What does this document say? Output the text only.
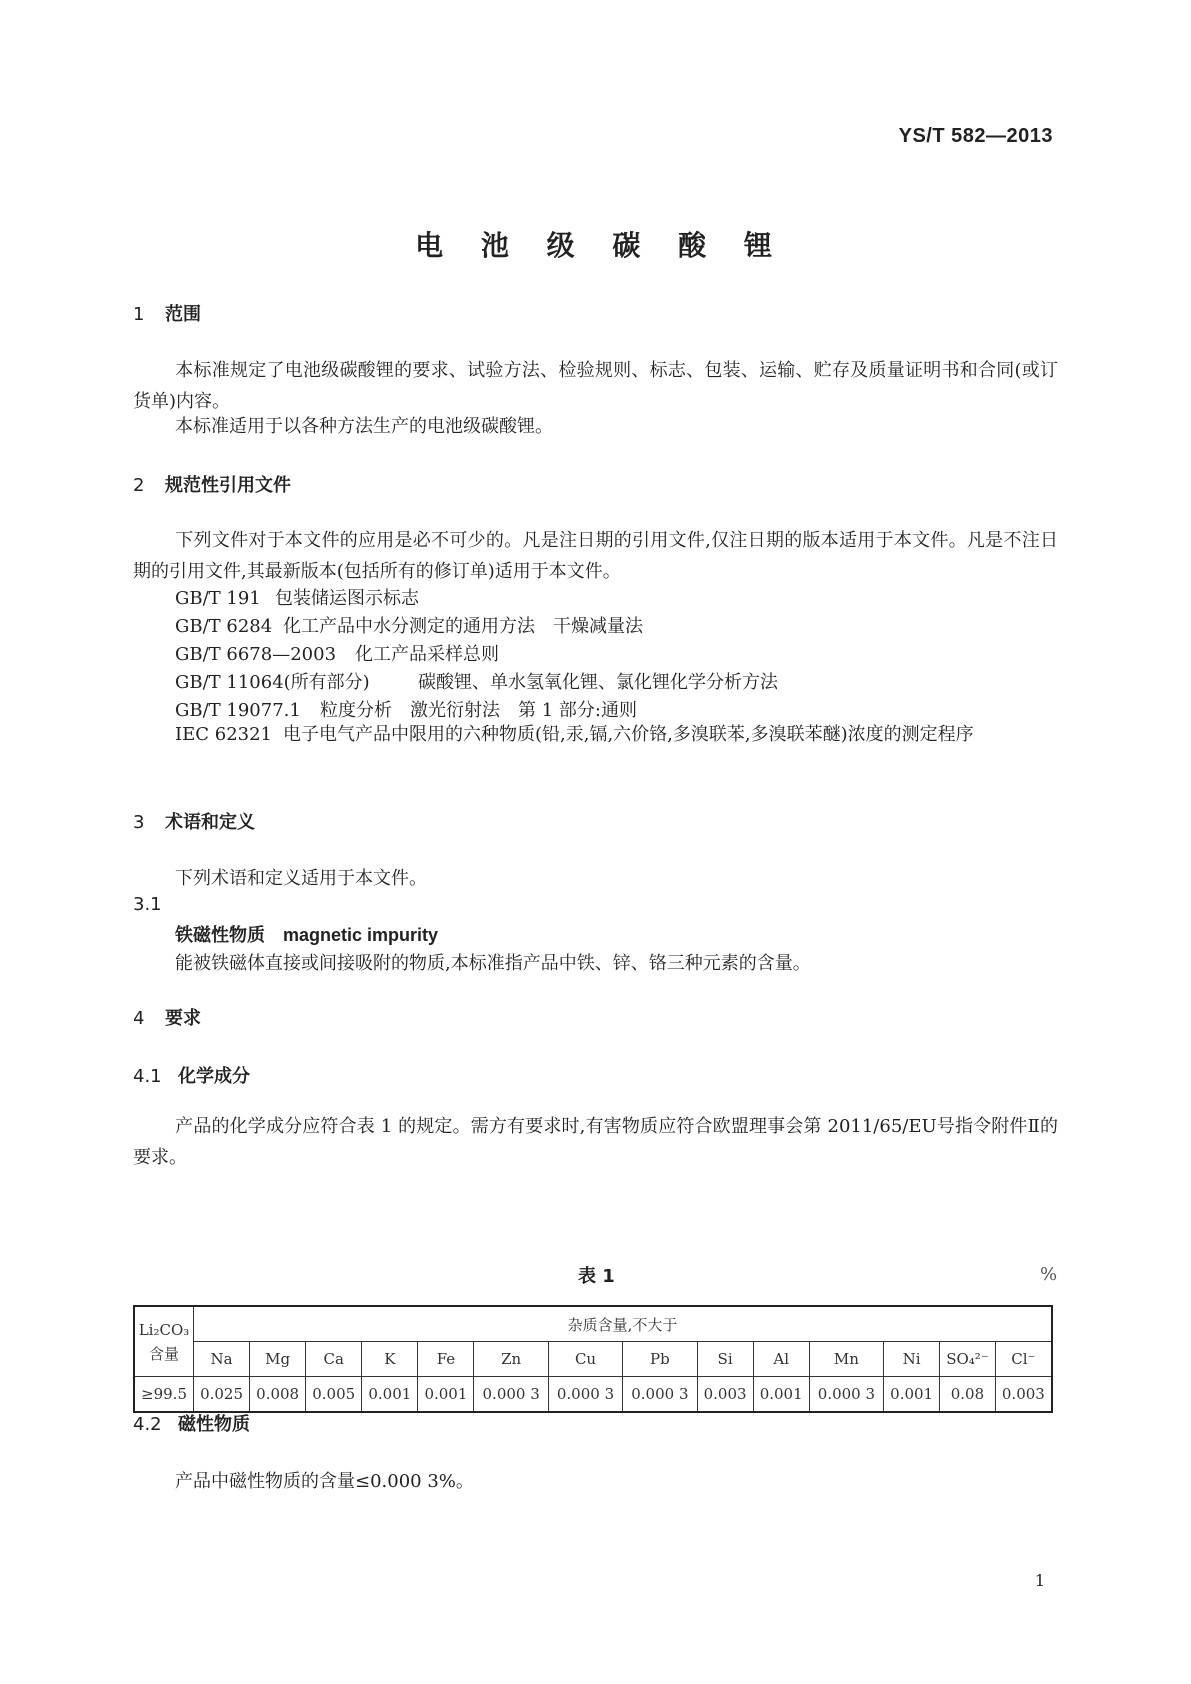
YS/T 582—2013
电 池 级 碳 酸 锂
1 范围
本标准规定了电池级碳酸锂的要求、试验方法、检验规则、标志、包装、运输、贮存及质量证明书和合同(或订货单)内容。
本标准适用于以各种方法生产的电池级碳酸锂。
2 规范性引用文件
下列文件对于本文件的应用是必不可少的。凡是注日期的引用文件,仅注日期的版本适用于本文件。凡是不注日期的引用文件,其最新版本(包括所有的修订单)适用于本文件。
GB/T 191 包装储运图示标志
GB/T 6284 化工产品中水分测定的通用方法　干燥减量法
GB/T 6678—2003 化工产品采样总则
GB/T 11064(所有部分)	碳酸锂、单水氢氧化锂、氯化锂化学分析方法
GB/T 19077.1 粒度分析　激光衍射法　第 1 部分:通则
IEC 62321 电子电气产品中限用的六种物质(铅,汞,镉,六价铬,多溴联苯,多溴联苯醚)浓度的测定程序
3 术语和定义
下列术语和定义适用于本文件。
3.1
铁磁性物质 magnetic impurity
能被铁磁体直接或间接吸附的物质,本标准指产品中铁、锌、铬三种元素的含量。
4 要求
4.1 化学成分
产品的化学成分应符合表 1 的规定。需方有要求时,有害物质应符合欧盟理事会第 2011/65/EU号指令附件Ⅱ的要求。
表 1	%
Li₂CO₃
含量	杂质含量,不大于													
	Na	Mg	Ca	K	Fe	Zn	Cu	Pb	Si	Al	Mn	Ni	SO₄²⁻	Cl⁻
≥99.5	0.025	0.008	0.005	0.001	0.001	0.000 3	0.000 3	0.000 3	0.003	0.001	0.000 3	0.001	0.08	0.003
4.2 磁性物质
产品中磁性物质的含量≤0.000 3%。
1
